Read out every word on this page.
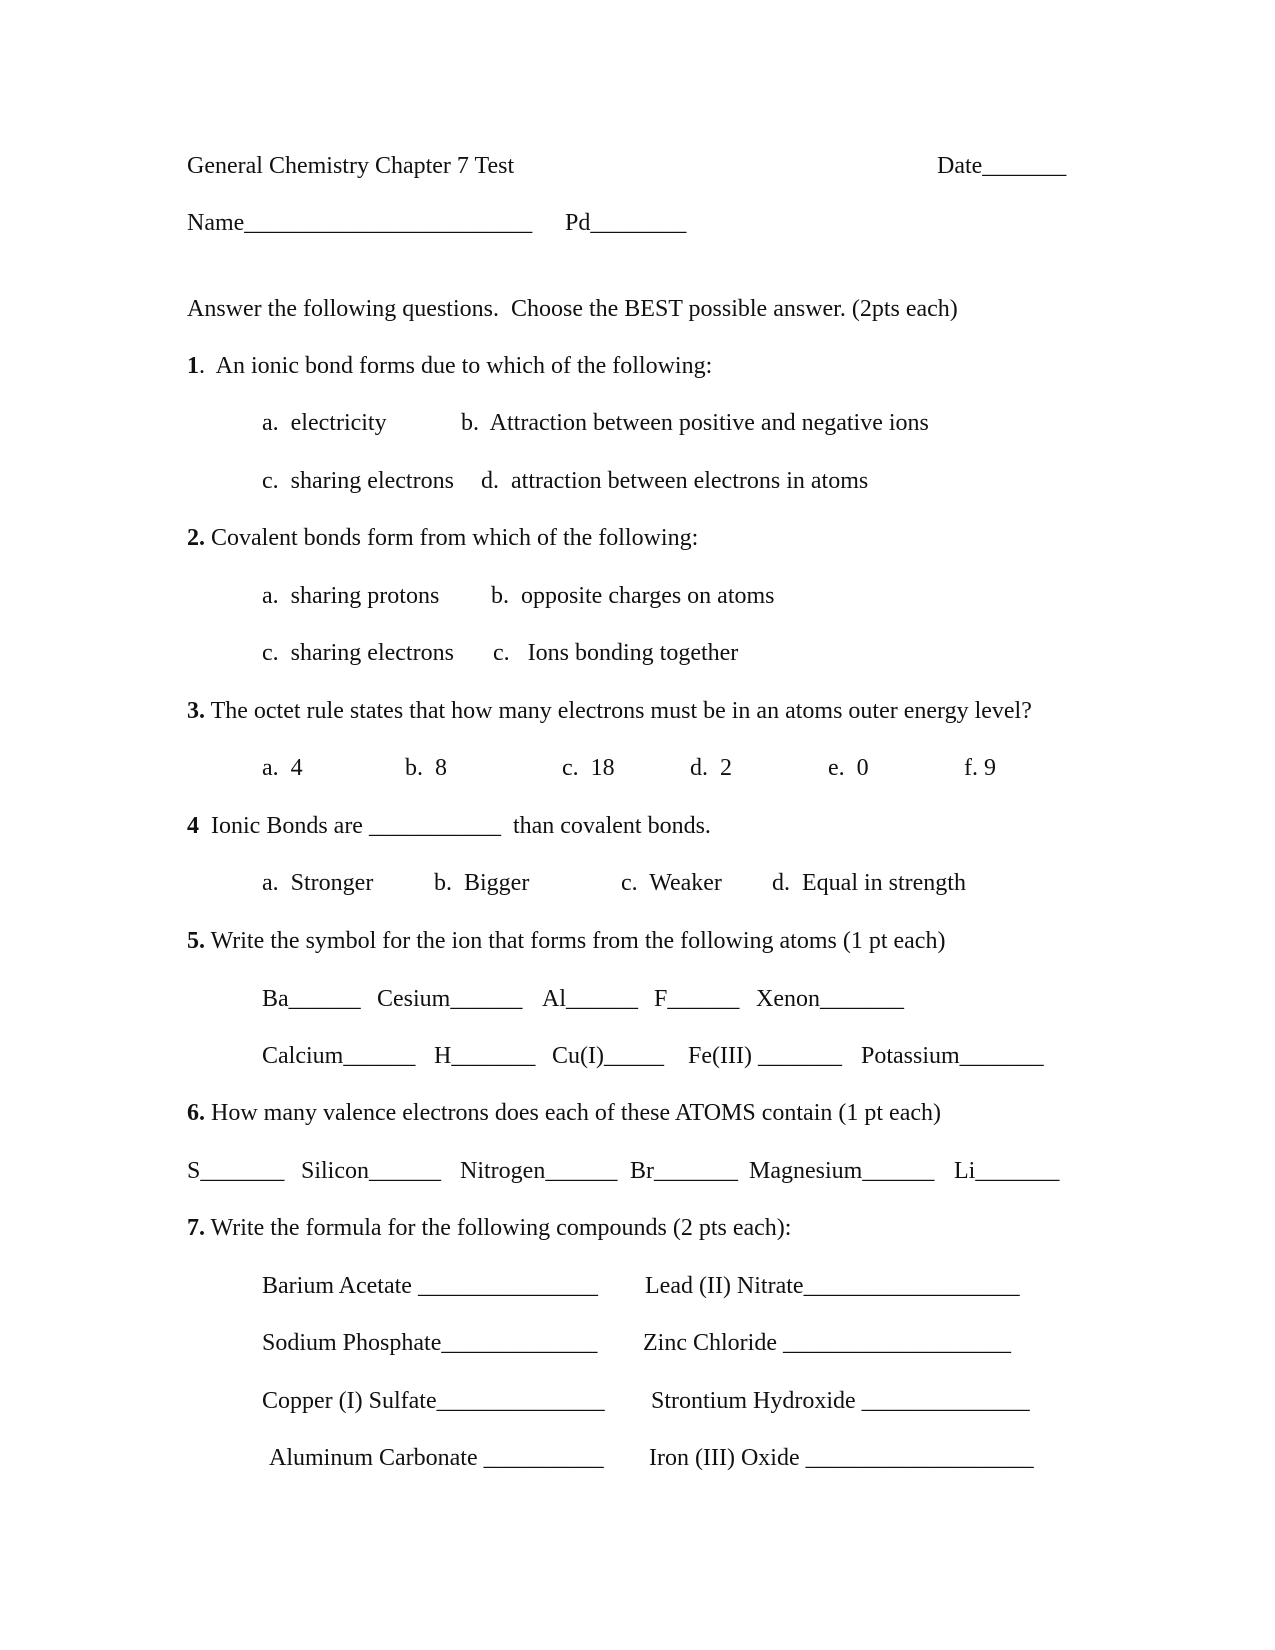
General Chemistry Chapter 7 Test	Date_______
Name________________________ Pd________
Answer the following questions.  Choose the BEST possible answer. (2pts each)
1.  An ionic bond forms due to which of the following:
a.  electricity	b.  Attraction between positive and negative ions
c.  sharing electrons d.  attraction between electrons in atoms
2. Covalent bonds form from which of the following:
a.  sharing protons b.  opposite charges on atoms
c.  sharing electrons c.   Ions bonding together
3. The octet rule states that how many electrons must be in an atoms outer energy level?
a.  4	b.  8	c.  18	d.  2	e.  0	f. 9
4 Ionic Bonds are ___________  than covalent bonds.
a.  Stronger	b.  Bigger	c.  Weaker d.  Equal in strength
5. Write the symbol for the ion that forms from the following atoms (1 pt each)
Ba______ Cesium______ Al______ F______ Xenon_______
Calcium______ H_______ Cu(I)_____ Fe(III) _______ Potassium_______
6. How many valence electrons does each of these ATOMS contain (1 pt each)
S_______ Silicon______ Nitrogen______ Br_______ Magnesium______ Li_______
7. Write the formula for the following compounds (2 pts each):
Barium Acetate _______________ Lead (II) Nitrate__________________
Sodium Phosphate_____________ Zinc Chloride ___________________
Copper (I) Sulfate______________ Strontium Hydroxide ______________
Aluminum Carbonate __________ Iron (III) Oxide ___________________
